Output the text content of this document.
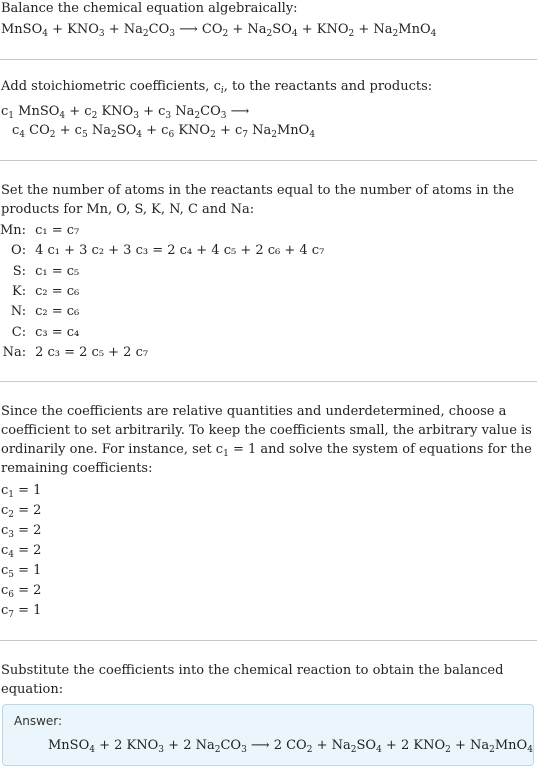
Balance the chemical equation algebraically:
MnSO$_4$ + $KNO_3 + Na_2CO_3$ ⟶ $CO_2 + Na_2SO_4 + KNO_2 + Na_2MnO_4$
Add stoichiometric coefficients, $c_i$, to the reactants and products:
$c_1$ MnSO$_4$ + $c_2$ $KNO_3 + c_3$ $Na_2CO_3$ ⟶
$c_4$ $CO_2 + c_5$ $Na_2SO_4 + c_6$ $KNO_2 + c_7$ $Na_2MnO_4$
Set the number of atoms in the reactants equal to the number of atoms in the
products for Mn, O, S, K, N, C and Na:
Mn:	c₁ = c₇
O:	4 c₁ + 3 c₂ + 3 c₃ = 2 c₄ + 4 c₅ + 2 c₆ + 4 c₇
S:	c₁ = c₅
K:	c₂ = c₆
N:	c₂ = c₆
C:	c₃ = c₄
Na:	2 c₃ = 2 c₅ + 2 c₇
Since the coefficients are relative quantities and underdetermined, choose a
coefficient to set arbitrarily. To keep the coefficients small, the arbitrary value is
ordinarily one. For instance, set $c_1 = 1$ and solve the system of equations for the
remaining coefficients:
$c_1 = 1$
$c_2 = 2$
$c_3 = 2$
$c_4 = 2$
$c_5 = 1$
$c_6 = 2$
$c_7 = 1$
Substitute the coefficients into the chemical reaction to obtain the balanced
equation:
Answer:
MnSO$_4$ + 2 $KNO_3 + 2$ $Na_2CO_3$ ⟶ 2 $CO_2 + Na_2SO_4 + 2$ $KNO_2 + Na_2MnO_4$
